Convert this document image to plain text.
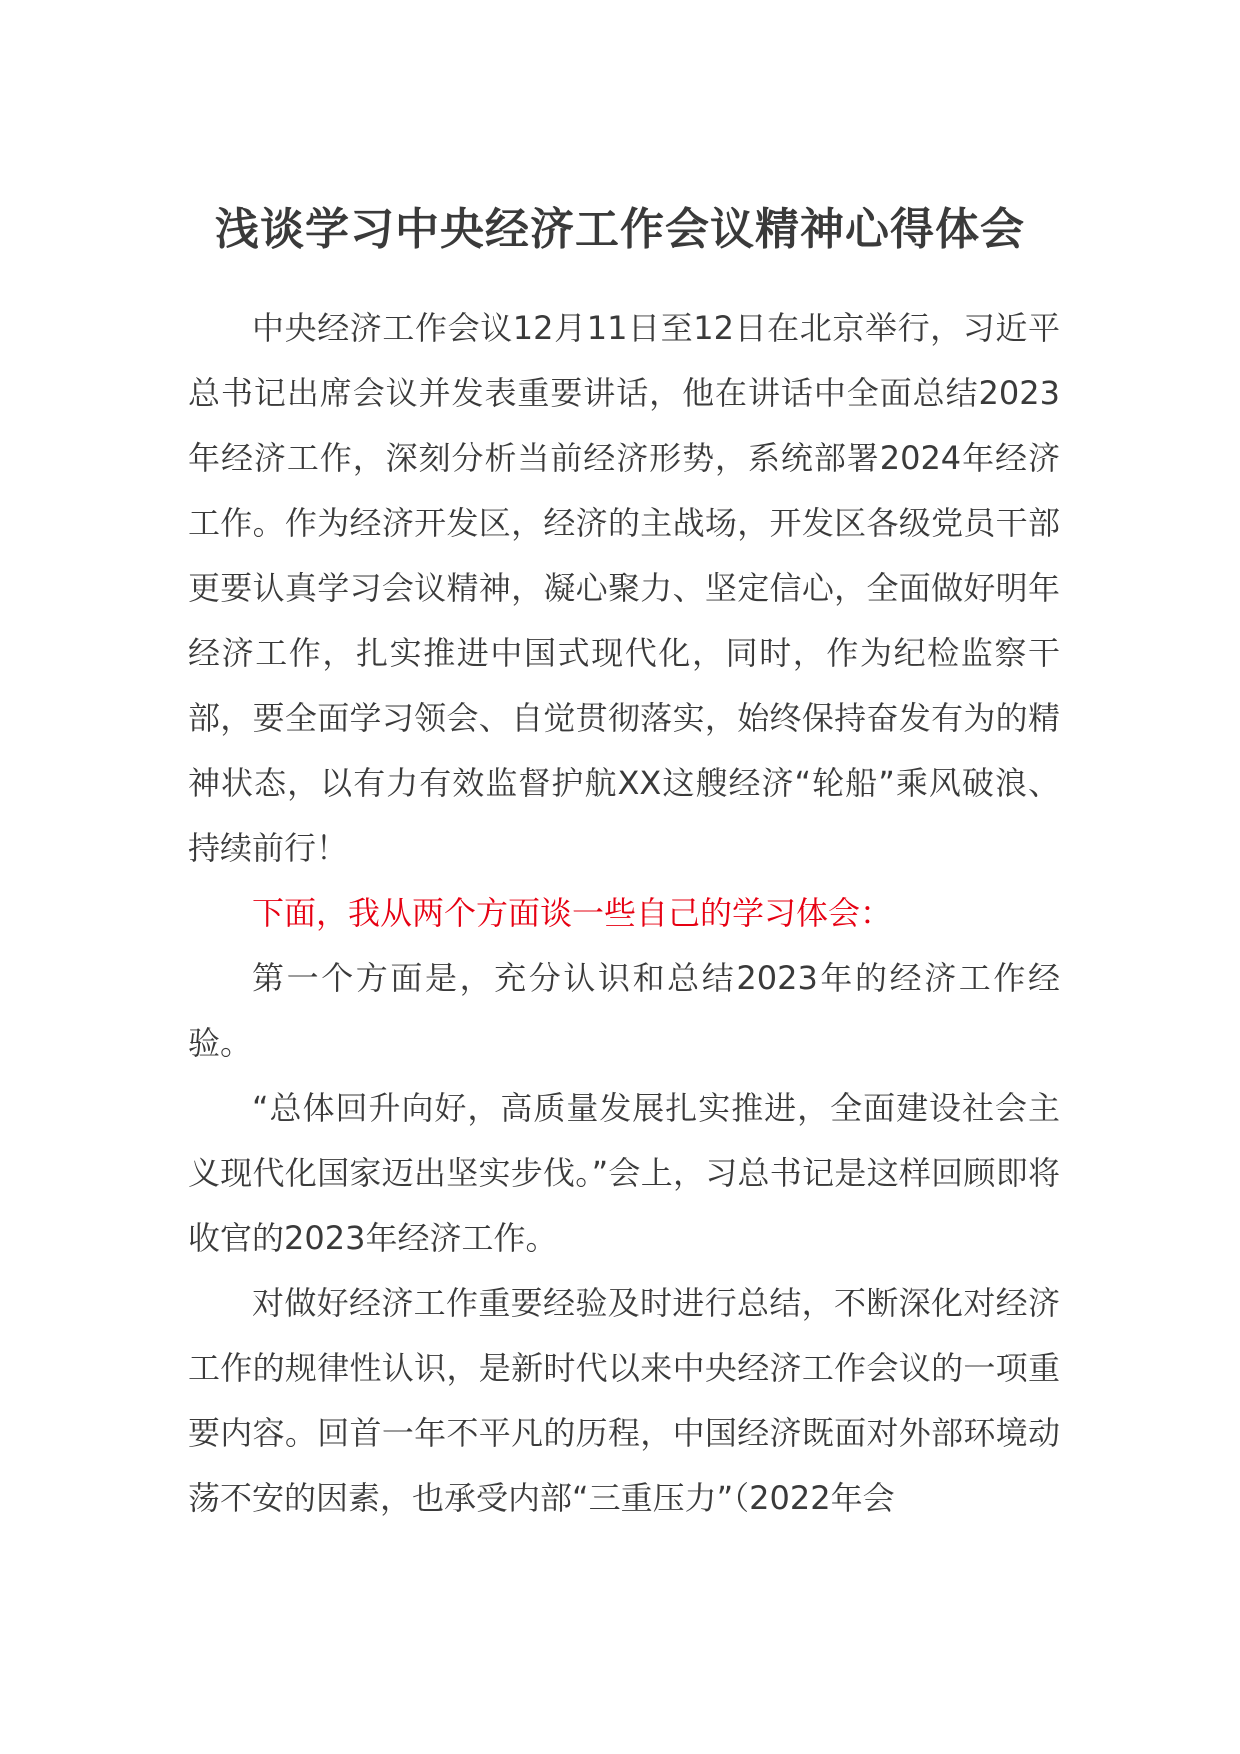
浅谈学习中央经济工作会议精神心得体会

中央经济工作会议12月11日至12日在北京举行，习近平总书记出席会议并发表重要讲话，他在讲话中全面总结2023年经济工作，深刻分析当前经济形势，系统部署2024年经济工作。作为经济开发区，经济的主战场，开发区各级党员干部更要认真学习会议精神，凝心聚力、坚定信心，全面做好明年经济工作，扎实推进中国式现代化，同时，作为纪检监察干部，要全面学习领会、自觉贯彻落实，始终保持奋发有为的精神状态，以有力有效监督护航XX这艘经济“轮船”乘风破浪、持续前行！

下面，我从两个方面谈一些自己的学习体会：

第一个方面是，充分认识和总结2023年的经济工作经验。

“总体回升向好，高质量发展扎实推进，全面建设社会主义现代化国家迈出坚实步伐。”会上，习总书记是这样回顾即将收官的2023年经济工作。

对做好经济工作重要经验及时进行总结，不断深化对经济工作的规律性认识，是新时代以来中央经济工作会议的一项重要内容。回首一年不平凡的历程，中国经济既面对外部环境动荡不安的因素，也承受内部“三重压力”（2022年会
